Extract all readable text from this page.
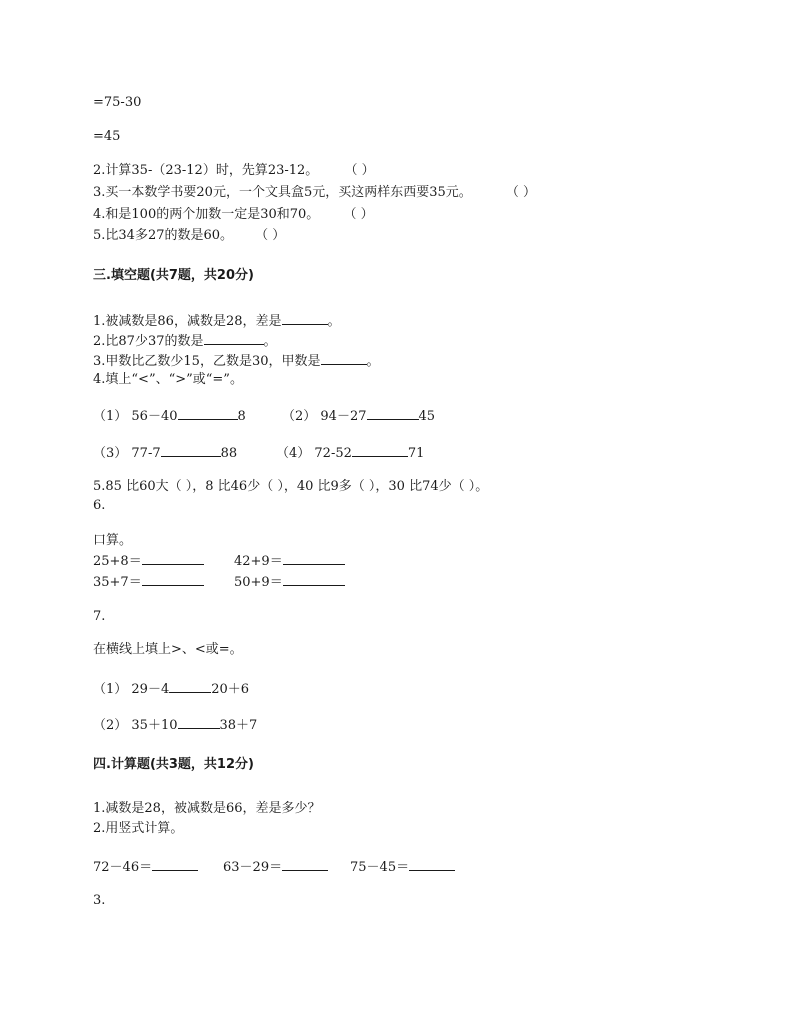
=75-30
=45
2.计算35-（23-12）时，先算23-12。 （ ）
3.买一本数学书要20元，一个文具盒5元，买这两样东西要35元。	（ ）
4.和是100的两个加数一定是30和70。 （ ）
5.比34多27的数是60。 （ ）
三.填空题(共7题，共20分)
1.被减数是86，减数是28，差是	。
2.比87少37的数是	。
3.甲数比乙数少15，乙数是30，甲数是	。
4.填上“<”、“>”或“=”。
（1） 56－40	8	（2） 94－27	45
（3） 77-7	88	（4） 72-52	71
5.85 比60大（ ），8 比46少（ ），40 比9多（ ），30 比74少（ ）。
6.
口算。
25+8＝	42+9＝
35+7＝	50+9＝
7.
在横线上填上>、<或=。
（1） 29－4	20＋6
（2） 35＋10	38＋7
四.计算题(共3题，共12分)
1.减数是28，被减数是66，差是多少？
2.用竖式计算。
72－46＝	63－29＝	75－45＝
3.
